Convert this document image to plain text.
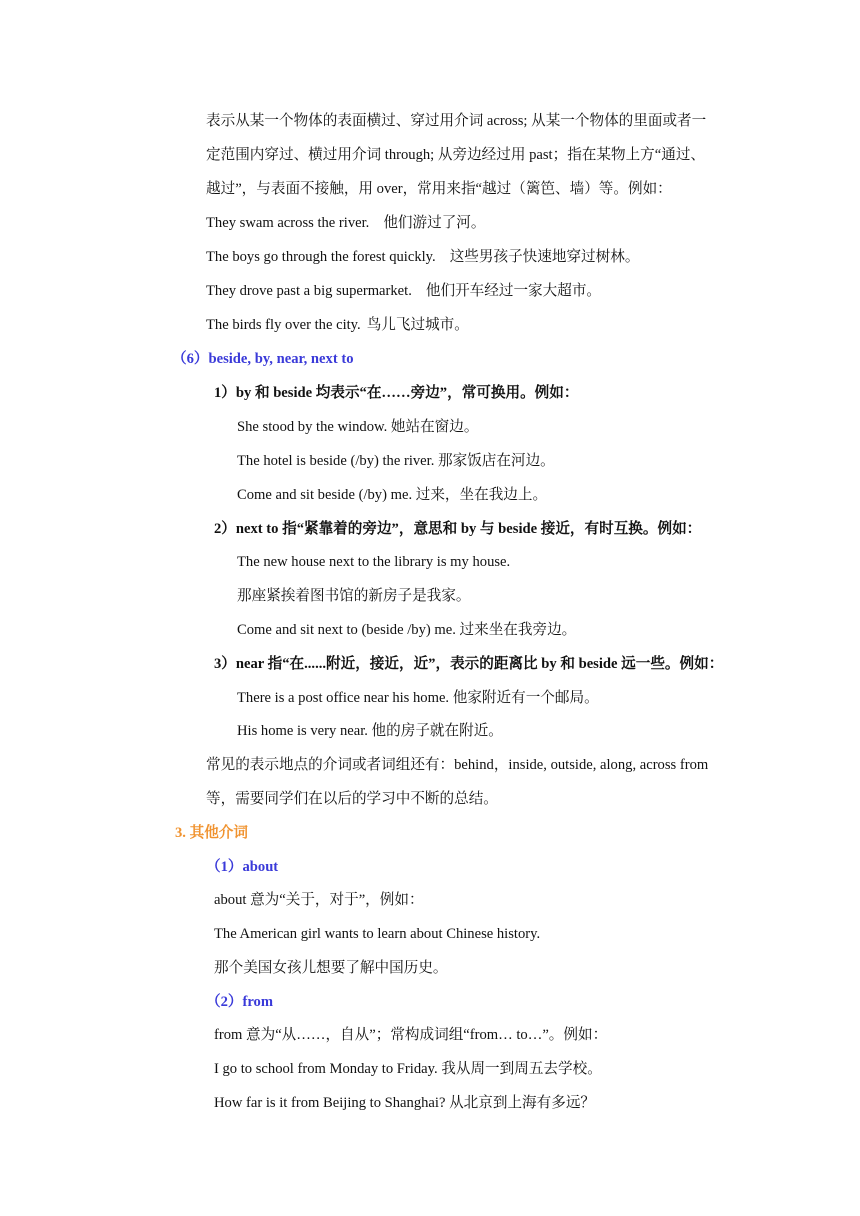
表示从某一个物体的表面横过、穿过用介词 across; 从某一个物体的里面或者一
定范围内穿过、横过用介词 through; 从旁边经过用 past；指在某物上方“通过、

越过”，与表面不接触，用 over，常用来指“越过（篱笆、墙）等。例如：

They swam across the river. 他们游过了河。

The boys go through the forest quickly. 这些男孩子快速地穿过树林。

They drove past a big supermarket. 他们开车经过一家大超市。

The birds fly over the city. 鸟儿飞过城市。

（6）beside, by, near, next to

1）by 和 beside 均表示“在……旁边”，常可换用。例如：

She stood by the window. 她站在窗边。

The hotel is beside (/by) the river. 那家饭店在河边。

Come and sit beside (/by) me. 过来，坐在我边上。

2）next to 指“紧靠着的旁边”，意思和 by 与 beside 接近，有时互换。例如：

The new house next to the library is my house.

那座紧挨着图书馆的新房子是我家。

Come and sit next to (beside /by) me. 过来坐在我旁边。

3）near 指“在......附近，接近，近”，表示的距离比 by 和 beside 远一些。例如：

There is a post office near his home. 他家附近有一个邮局。

His home is very near. 他的房子就在附近。

常见的表示地点的介词或者词组还有：behind，inside, outside, along, across from

等，需要同学们在以后的学习中不断的总结。

3. 其他介词

（1）about

about 意为“关于，对于”，例如：

The American girl wants to learn about Chinese history.

那个美国女孩儿想要了解中国历史。

（2）from

from 意为“从……，自从”；常构成词组“from… to…”。例如：

I go to school from Monday to Friday. 我从周一到周五去学校。

How far is it from Beijing to Shanghai? 从北京到上海有多远？
